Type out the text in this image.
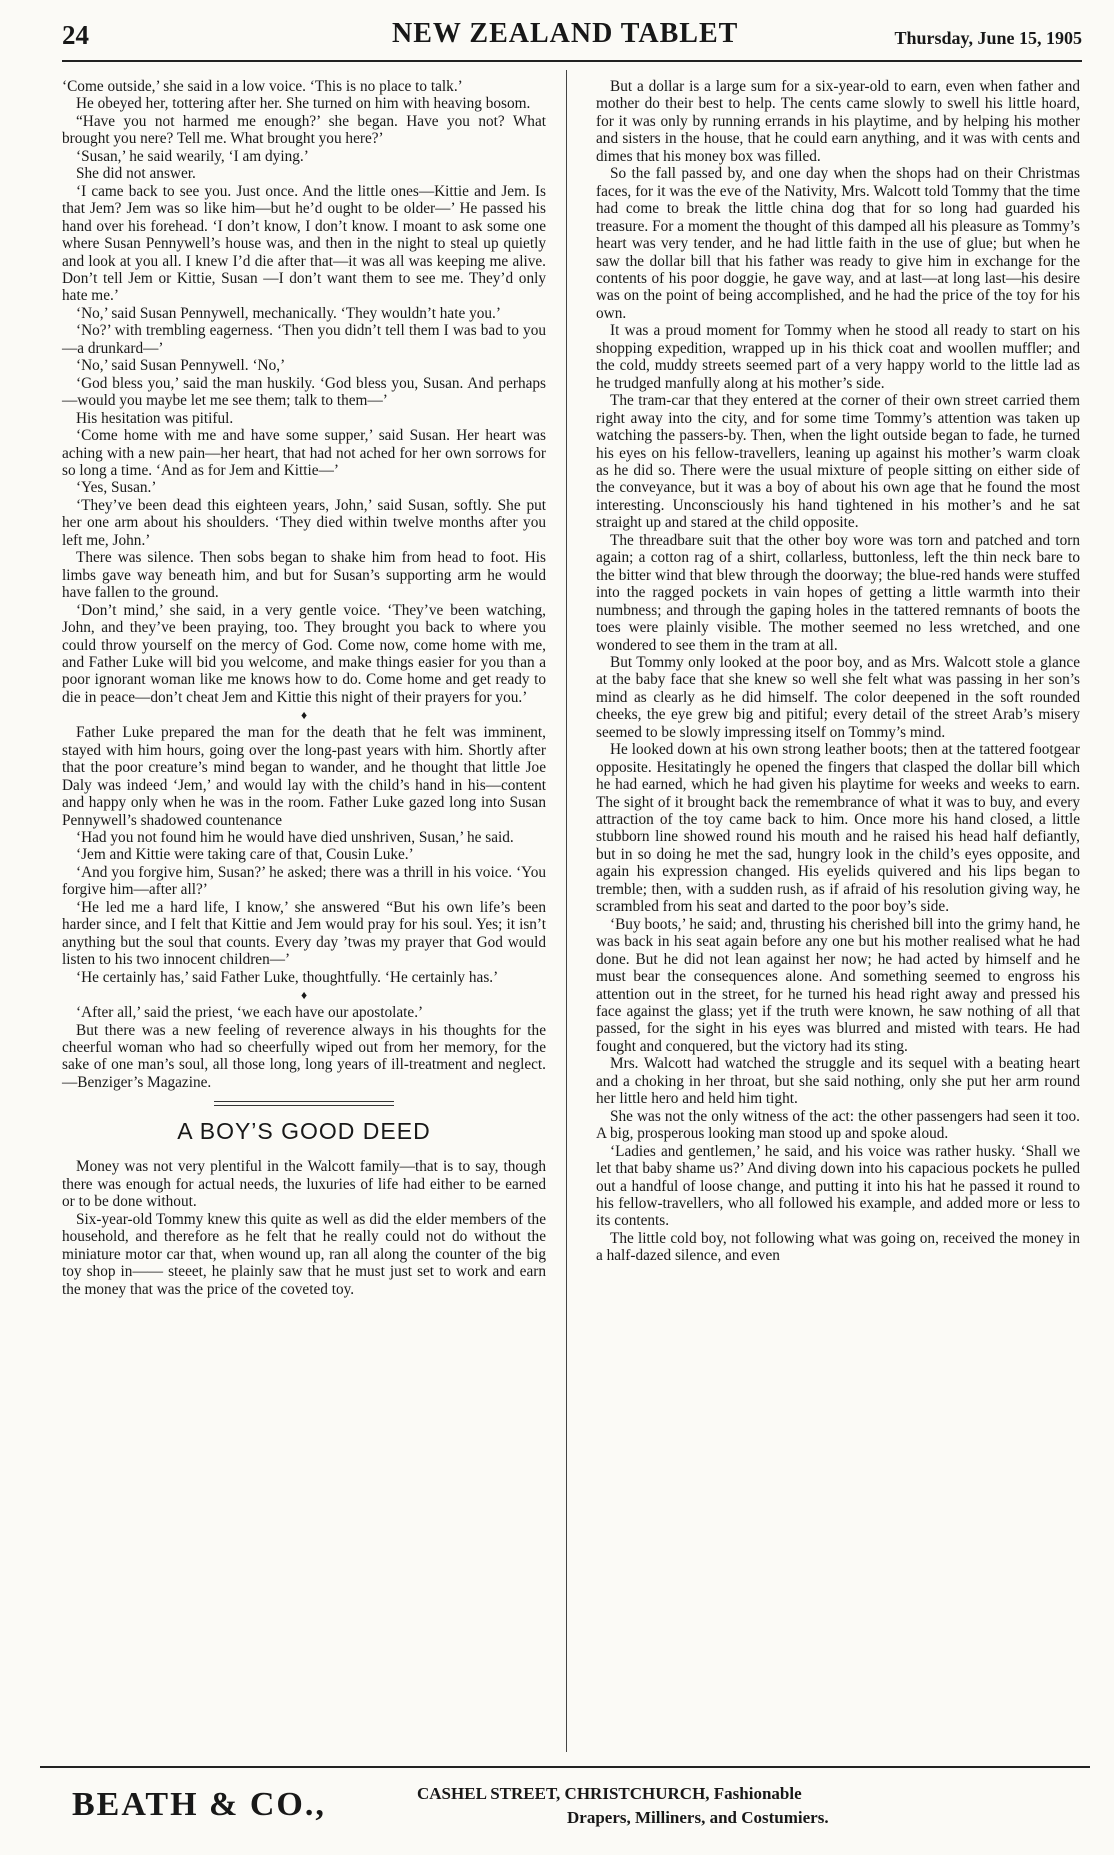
24	NEW ZEALAND TABLET	Thursday, June 15, 1905

‘Come outside,’ she said in a low voice. ‘This is no place to talk.’

He obeyed her, tottering after her. She turned on him with heaving bosom.

“Have you not harmed me enough?’ she began. Have you not? What brought you nere? Tell me. What brought you here?’

‘Susan,’ he said wearily, ‘I am dying.’

She did not answer.

‘I came back to see you. Just once. And the little ones—Kittie and Jem. Is that Jem? Jem was so like him—but he’d ought to be older—’ He passed his hand over his forehead. ‘I don’t know, I don’t know. I moant to ask some one where Susan Pennywell’s house was, and then in the night to steal up quietly and look at you all. I knew I’d die after that—it was all was keeping me alive. Don’t tell Jem or Kittie, Susan —I don’t want them to see me. They’d only hate me.’

‘No,’ said Susan Pennywell, mechanically. ‘They wouldn’t hate you.’

‘No?’ with trembling eagerness. ‘Then you didn’t tell them I was bad to you—a drunkard—’

‘No,’ said Susan Pennywell. ‘No,’

‘God bless you,’ said the man huskily. ‘God bless you, Susan. And perhaps—would you maybe let me see them; talk to them—’

His hesitation was pitiful.

‘Come home with me and have some supper,’ said Susan. Her heart was aching with a new pain—her heart, that had not ached for her own sorrows for so long a time. ‘And as for Jem and Kittie—’

‘Yes, Susan.’

‘They’ve been dead this eighteen years, John,’ said Susan, softly. She put her one arm about his shoulders. ‘They died within twelve months after you left me, John.’

There was silence. Then sobs began to shake him from head to foot. His limbs gave way beneath him, and but for Susan’s supporting arm he would have fallen to the ground.

‘Don’t mind,’ she said, in a very gentle voice. ‘They’ve been watching, John, and they’ve been praying, too. They brought you back to where you could throw yourself on the mercy of God. Come now, come home with me, and Father Luke will bid you welcome, and make things easier for you than a poor ignorant woman like me knows how to do. Come home and get ready to die in peace—don’t cheat Jem and Kittie this night of their prayers for you.’

♦

Father Luke prepared the man for the death that he felt was imminent, stayed with him hours, going over the long-past years with him. Shortly after that the poor creature’s mind began to wander, and he thought that little Joe Daly was indeed ‘Jem,’ and would lay with the child’s hand in his—content and happy only when he was in the room. Father Luke gazed long into Susan Pennywell’s shadowed countenance

‘Had you not found him he would have died unshriven, Susan,’ he said.

‘Jem and Kittie were taking care of that, Cousin Luke.’

‘And you forgive him, Susan?’ he asked; there was a thrill in his voice. ‘You forgive him—after all?’

‘He led me a hard life, I know,’ she answered “But his own life’s been harder since, and I felt that Kittie and Jem would pray for his soul. Yes; it isn’t anything but the soul that counts. Every day ’twas my prayer that God would listen to his two innocent children—’

‘He certainly has,’ said Father Luke, thoughtfully. ‘He certainly has.’

♦

‘After all,’ said the priest, ‘we each have our apostolate.’

But there was a new feeling of reverence always in his thoughts for the cheerful woman who had so cheerfully wiped out from her memory, for the sake of one man’s soul, all those long, long years of ill-treatment and neglect.—Benziger’s Magazine.

A BOY’S GOOD DEED

Money was not very plentiful in the Walcott family—that is to say, though there was enough for actual needs, the luxuries of life had either to be earned or to be done without.

Six-year-old Tommy knew this quite as well as did the elder members of the household, and therefore as he felt that he really could not do without the miniature motor car that, when wound up, ran all along the counter of the big toy shop in—— steeet, he plainly saw that he must just set to work and earn the money that was the price of the coveted toy.

But a dollar is a large sum for a six-year-old to earn, even when father and mother do their best to help. The cents came slowly to swell his little hoard, for it was only by running errands in his playtime, and by helping his mother and sisters in the house, that he could earn anything, and it was with cents and dimes that his money box was filled.

So the fall passed by, and one day when the shops had on their Christmas faces, for it was the eve of the Nativity, Mrs. Walcott told Tommy that the time had come to break the little china dog that for so long had guarded his treasure. For a moment the thought of this damped all his pleasure as Tommy’s heart was very tender, and he had little faith in the use of glue; but when he saw the dollar bill that his father was ready to give him in exchange for the contents of his poor doggie, he gave way, and at last—at long last—his desire was on the point of being accomplished, and he had the price of the toy for his own.

It was a proud moment for Tommy when he stood all ready to start on his shopping expedition, wrapped up in his thick coat and woollen muffler; and the cold, muddy streets seemed part of a very happy world to the little lad as he trudged manfully along at his mother’s side.

The tram-car that they entered at the corner of their own street carried them right away into the city, and for some time Tommy’s attention was taken up watching the passers-by. Then, when the light outside began to fade, he turned his eyes on his fellow-travellers, leaning up against his mother’s warm cloak as he did so. There were the usual mixture of people sitting on either side of the conveyance, but it was a boy of about his own age that he found the most interesting. Unconsciously his hand tightened in his mother’s and he sat straight up and stared at the child opposite.

The threadbare suit that the other boy wore was torn and patched and torn again; a cotton rag of a shirt, collarless, buttonless, left the thin neck bare to the bitter wind that blew through the doorway; the blue-red hands were stuffed into the ragged pockets in vain hopes of getting a little warmth into their numbness; and through the gaping holes in the tattered remnants of boots the toes were plainly visible. The mother seemed no less wretched, and one wondered to see them in the tram at all.

But Tommy only looked at the poor boy, and as Mrs. Walcott stole a glance at the baby face that she knew so well she felt what was passing in her son’s mind as clearly as he did himself. The color deepened in the soft rounded cheeks, the eye grew big and pitiful; every detail of the street Arab’s misery seemed to be slowly impressing itself on Tommy’s mind.

He looked down at his own strong leather boots; then at the tattered footgear opposite. Hesitatingly he opened the fingers that clasped the dollar bill which he had earned, which he had given his playtime for weeks and weeks to earn. The sight of it brought back the remembrance of what it was to buy, and every attraction of the toy came back to him. Once more his hand closed, a little stubborn line showed round his mouth and he raised his head half defiantly, but in so doing he met the sad, hungry look in the child’s eyes opposite, and again his expression changed. His eyelids quivered and his lips began to tremble; then, with a sudden rush, as if afraid of his resolution giving way, he scrambled from his seat and darted to the poor boy’s side.

‘Buy boots,’ he said; and, thrusting his cherished bill into the grimy hand, he was back in his seat again before any one but his mother realised what he had done. But he did not lean against her now; he had acted by himself and he must bear the consequences alone. And something seemed to engross his attention out in the street, for he turned his head right away and pressed his face against the glass; yet if the truth were known, he saw nothing of all that passed, for the sight in his eyes was blurred and misted with tears. He had fought and conquered, but the victory had its sting.

Mrs. Walcott had watched the struggle and its sequel with a beating heart and a choking in her throat, but she said nothing, only she put her arm round her little hero and held him tight.

She was not the only witness of the act: the other passengers had seen it too. A big, prosperous looking man stood up and spoke aloud.

‘Ladies and gentlemen,’ he said, and his voice was rather husky. ‘Shall we let that baby shame us?’ And diving down into his capacious pockets he pulled out a handful of loose change, and putting it into his hat he passed it round to his fellow-travellers, who all followed his example, and added more or less to its contents.

The little cold boy, not following what was going on, received the money in a half-dazed silence, and even

BEATH & CO.,	CASHEL STREET, CHRISTCHURCH, Fashionable
Drapers, Milliners, and Costumiers.
